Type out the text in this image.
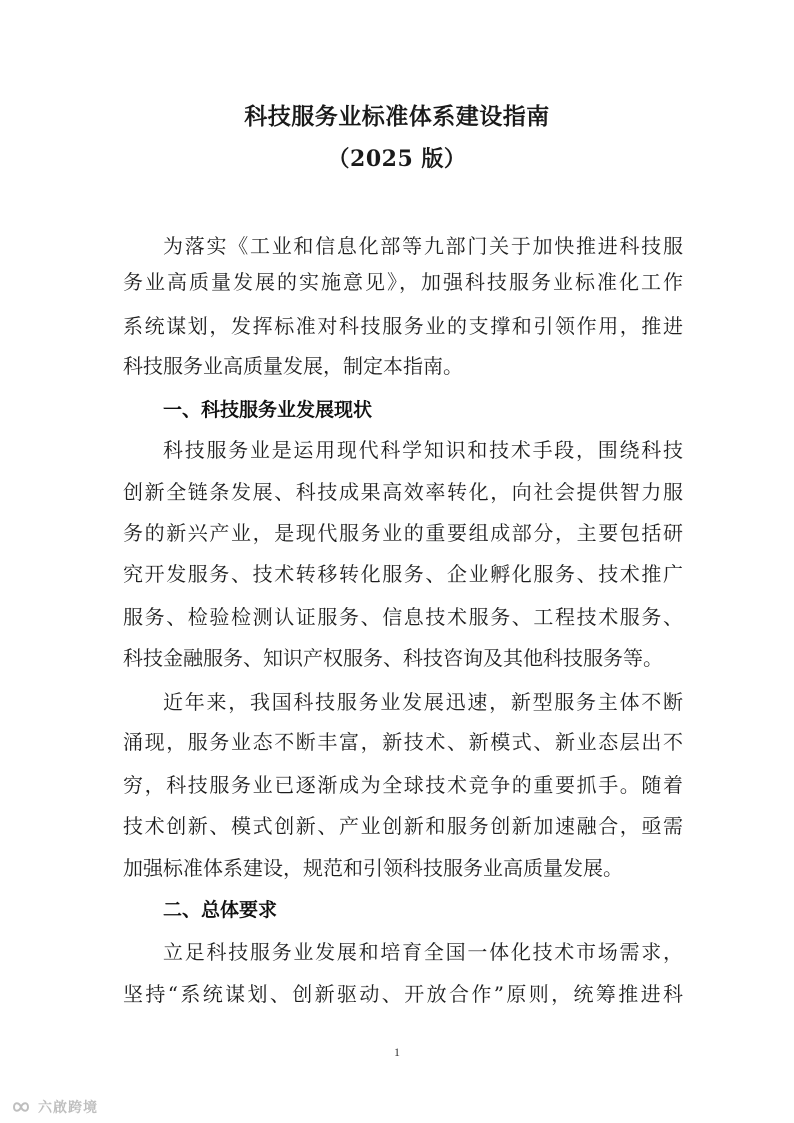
科技服务业标准体系建设指南
（2025 版）
为落实《工业和信息化部等九部门关于加快推进科技服
务业高质量发展的实施意见》，加强科技服务业标准化工作
系统谋划，发挥标准对科技服务业的支撑和引领作用，推进
科技服务业高质量发展，制定本指南。
一、科技服务业发展现状
科技服务业是运用现代科学知识和技术手段，围绕科技
创新全链条发展、科技成果高效率转化，向社会提供智力服
务的新兴产业，是现代服务业的重要组成部分，主要包括研
究开发服务、技术转移转化服务、企业孵化服务、技术推广
服务、检验检测认证服务、信息技术服务、工程技术服务、
科技金融服务、知识产权服务、科技咨询及其他科技服务等。
近年来，我国科技服务业发展迅速，新型服务主体不断
涌现，服务业态不断丰富，新技术、新模式、新业态层出不
穷，科技服务业已逐渐成为全球技术竞争的重要抓手。随着
技术创新、模式创新、产业创新和服务创新加速融合，亟需
加强标准体系建设，规范和引领科技服务业高质量发展。
二、总体要求
立足科技服务业发展和培育全国一体化技术市场需求，
坚持“系统谋划、创新驱动、开放合作”原则，统筹推进科
1
六啟跨境
